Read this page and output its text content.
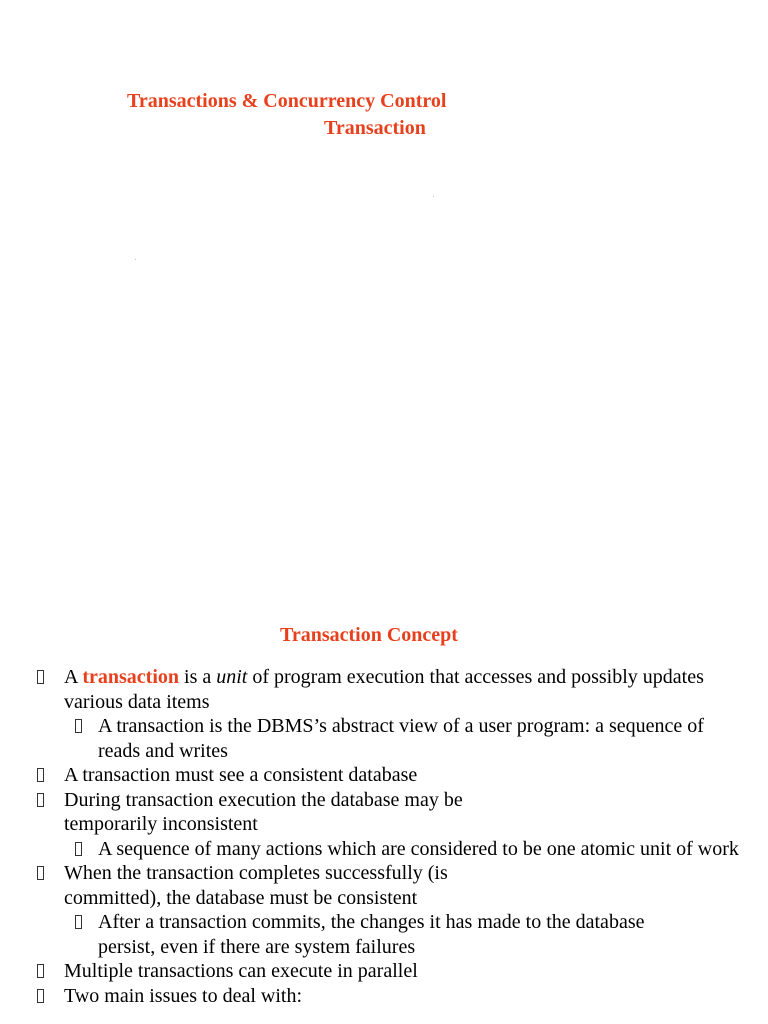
Transactions & Concurrency Control
Transaction
Transaction Concept
A transaction is a unit of program execution that accesses and possibly updates various data items
A transaction is the DBMS’s abstract view of a user program: a sequence of reads and writes
A transaction must see a consistent database
During transaction execution the database may be temporarily inconsistent
A sequence of many actions which are considered to be one atomic unit of work
When the transaction completes successfully (is committed), the database must be consistent
After a transaction commits, the changes it has made to the database persist, even if there are system failures
Multiple transactions can execute in parallel
Two main issues to deal with:
